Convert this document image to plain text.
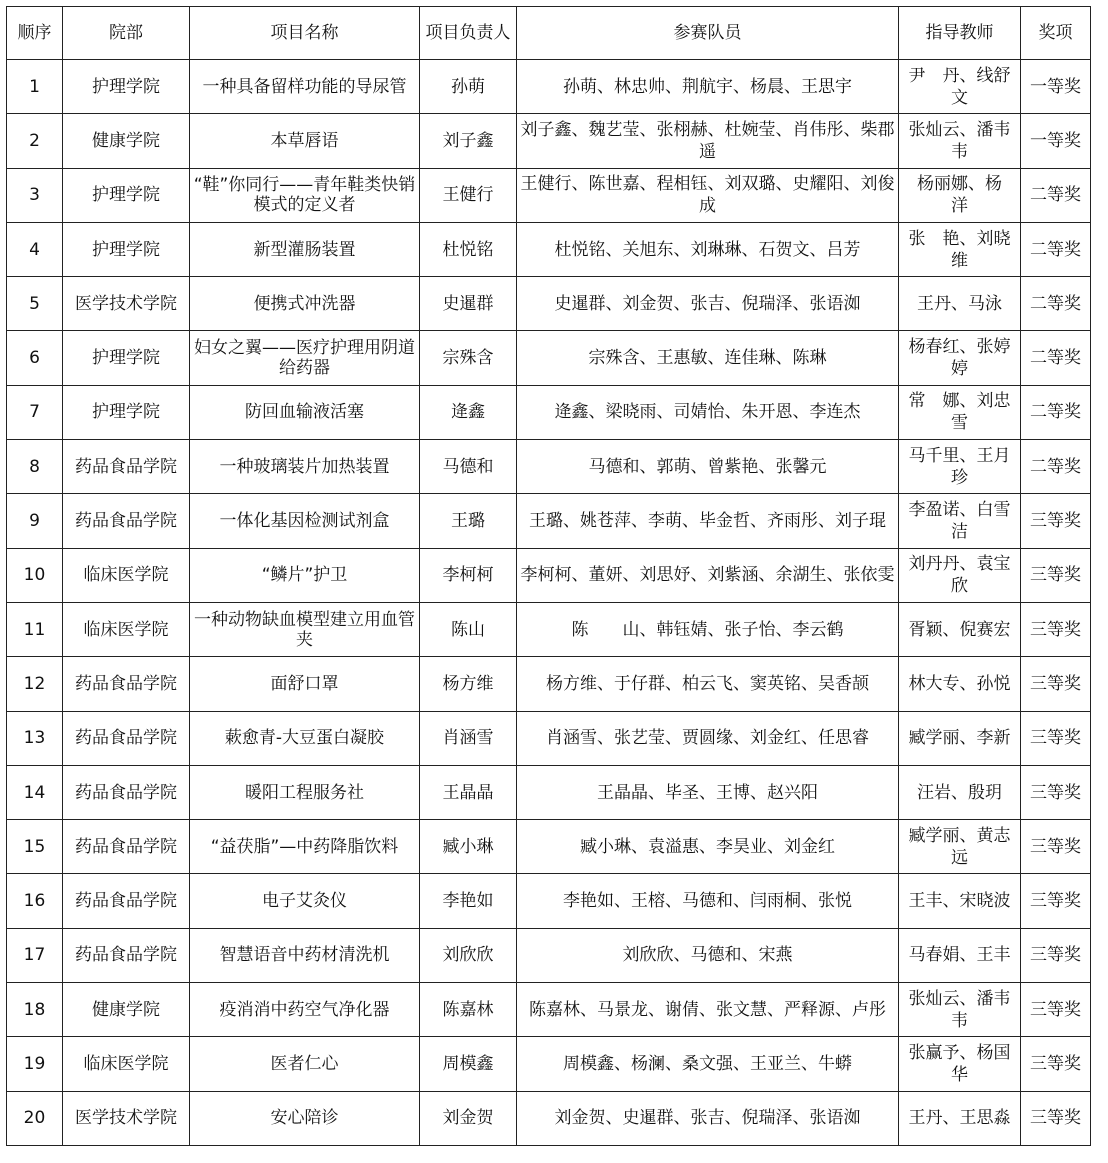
顺序	院部	项目名称	项目负责人	参赛队员	指导教师	奖项
1	护理学院	一种具备留样功能的导尿管	孙萌	孙萌、林忠帅、荆航宇、杨晨、王思宇	尹　丹、线舒文	一等奖
2	健康学院	本草唇语	刘子鑫	刘子鑫、魏艺莹、张栩赫、杜婉莹、肖伟彤、柴郡遥	张灿云、潘韦韦	一等奖
3	护理学院	“鞋”你同行——青年鞋类快销模式的定义者	王健行	王健行、陈世嘉、程相钰、刘双璐、史耀阳、刘俊成	杨丽娜、杨　洋	二等奖
4	护理学院	新型灌肠装置	杜悦铭	杜悦铭、关旭东、刘琳琳、石贺文、吕芳	张　艳、刘晓维	二等奖
5	医学技术学院	便携式冲洗器	史暹群	史暹群、刘金贺、张吉、倪瑞泽、张语洳	王丹、马泳	二等奖
6	护理学院	妇女之翼——医疗护理用阴道给药器	宗殊含	宗殊含、王惠敏、连佳琳、陈琳	杨春红、张婷婷	二等奖
7	护理学院	防回血输液活塞	逄鑫	逄鑫、梁晓雨、司婧怡、朱开恩、李连杰	常　娜、刘忠雪	二等奖
8	药品食品学院	一种玻璃装片加热装置	马德和	马德和、郭萌、曾紫艳、张馨元	马千里、王月珍	二等奖
9	药品食品学院	一体化基因检测试剂盒	王璐	王璐、姚苍萍、李萌、毕金哲、齐雨彤、刘子琨	李盈诺、白雪洁	三等奖
10	临床医学院	“鳞片”护卫	李柯柯	李柯柯、董妍、刘思妤、刘紫涵、余湖生、张依雯	刘丹丹、袁宝欣	三等奖
11	临床医学院	一种动物缺血模型建立用血管夹	陈山	陈　　山、韩钰婧、张子怡、李云鹤	胥颖、倪赛宏	三等奖
12	药品食品学院	面舒口罩	杨方维	杨方维、于仔群、柏云飞、窦英铭、吴香颉	林大专、孙悦	三等奖
13	药品食品学院	蔌愈青-大豆蛋白凝胶	肖涵雪	肖涵雪、张艺莹、贾圆缘、刘金红、任思睿	臧学丽、李新	三等奖
14	药品食品学院	暖阳工程服务社	王晶晶	王晶晶、毕圣、王博、赵兴阳	汪岩、殷玥	三等奖
15	药品食品学院	“益茯脂”—中药降脂饮料	臧小琳	臧小琳、袁溢惠、李昊业、刘金红	臧学丽、黄志远	三等奖
16	药品食品学院	电子艾灸仪	李艳如	李艳如、王榕、马德和、闫雨桐、张悦	王丰、宋晓波	三等奖
17	药品食品学院	智慧语音中药材清洗机	刘欣欣	刘欣欣、马德和、宋燕	马春娟、王丰	三等奖
18	健康学院	疫消消中药空气净化器	陈嘉林	陈嘉林、马景龙、谢倩、张文慧、严释源、卢彤	张灿云、潘韦韦	三等奖
19	临床医学院	医者仁心	周模鑫	周模鑫、杨澜、桑文强、王亚兰、牛蟒	张赢予、杨国华	三等奖
20	医学技术学院	安心陪诊	刘金贺	刘金贺、史暹群、张吉、倪瑞泽、张语洳	王丹、王思淼	三等奖
